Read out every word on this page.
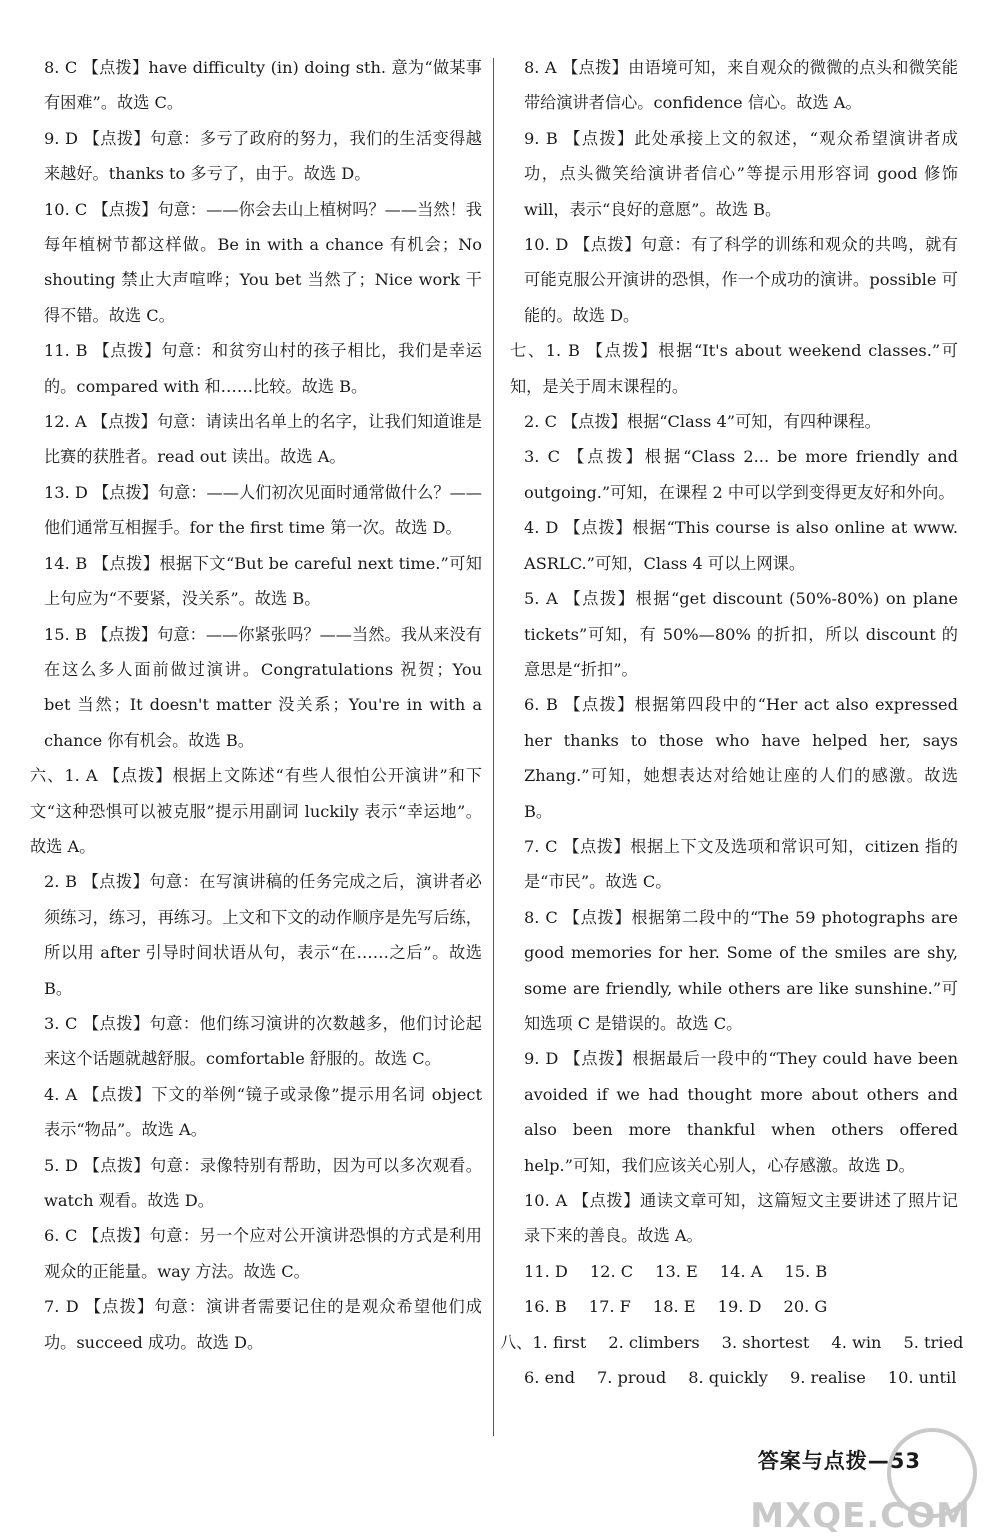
8. C 【点拨】have difficulty (in) doing sth. 意为“做某事有困难”。故选 C。

9. D 【点拨】句意：多亏了政府的努力，我们的生活变得越来越好。thanks to 多亏了，由于。故选 D。

10. C 【点拨】句意：——你会去山上植树吗？——当然！我每年植树节都这样做。Be in with a chance 有机会；No shouting 禁止大声喧哗；You bet 当然了；Nice work 干得不错。故选 C。

11. B 【点拨】句意：和贫穷山村的孩子相比，我们是幸运的。compared with 和……比较。故选 B。

12. A 【点拨】句意：请读出名单上的名字，让我们知道谁是比赛的获胜者。read out 读出。故选 A。

13. D 【点拨】句意：——人们初次见面时通常做什么？——他们通常互相握手。for the first time 第一次。故选 D。

14. B 【点拨】根据下文“But be careful next time.”可知上句应为“不要紧，没关系”。故选 B。

15. B 【点拨】句意：——你紧张吗？——当然。我从来没有在这么多人面前做过演讲。Congratulations 祝贺；You bet 当然；It doesn't matter 没关系；You're in with a chance 你有机会。故选 B。

六、1. A 【点拨】根据上文陈述“有些人很怕公开演讲”和下文“这种恐惧可以被克服”提示用副词 luckily 表示“幸运地”。故选 A。

2. B 【点拨】句意：在写演讲稿的任务完成之后，演讲者必须练习，练习，再练习。上文和下文的动作顺序是先写后练，所以用 after 引导时间状语从句，表示“在……之后”。故选 B。

3. C 【点拨】句意：他们练习演讲的次数越多，他们讨论起来这个话题就越舒服。comfortable 舒服的。故选 C。

4. A 【点拨】下文的举例“镜子或录像”提示用名词 object 表示“物品”。故选 A。

5. D 【点拨】句意：录像特别有帮助，因为可以多次观看。watch 观看。故选 D。

6. C 【点拨】句意：另一个应对公开演讲恐惧的方式是利用观众的正能量。way 方法。故选 C。

7. D 【点拨】句意：演讲者需要记住的是观众希望他们成功。succeed 成功。故选 D。

8. A 【点拨】由语境可知，来自观众的微微的点头和微笑能带给演讲者信心。confidence 信心。故选 A。

9. B 【点拨】此处承接上文的叙述，“观众希望演讲者成功，点头微笑给演讲者信心”等提示用形容词 good 修饰 will，表示“良好的意愿”。故选 B。

10. D 【点拨】句意：有了科学的训练和观众的共鸣，就有可能克服公开演讲的恐惧，作一个成功的演讲。possible 可能的。故选 D。

七、1. B 【点拨】根据“It's about weekend classes.”可知，是关于周末课程的。

2. C 【点拨】根据“Class 4”可知，有四种课程。

3. C 【点拨】根据“Class 2... be more friendly and outgoing.”可知，在课程 2 中可以学到变得更友好和外向。

4. D 【点拨】根据“This course is also online at www. ASRLC.”可知，Class 4 可以上网课。

5. A 【点拨】根据“get discount (50%-80%) on plane tickets”可知，有 50%—80% 的折扣，所以 discount 的意思是“折扣”。

6. B 【点拨】根据第四段中的“Her act also expressed her thanks to those who have helped her, says Zhang.”可知，她想表达对给她让座的人们的感激。故选 B。

7. C 【点拨】根据上下文及选项和常识可知，citizen 指的是“市民”。故选 C。

8. C 【点拨】根据第二段中的“The 59 photographs are good memories for her. Some of the smiles are shy, some are friendly, while others are like sunshine.”可知选项 C 是错误的。故选 C。

9. D 【点拨】根据最后一段中的“They could have been avoided if we had thought more about others and also been more thankful when others offered help.”可知，我们应该关心别人，心存感激。故选 D。

10. A 【点拨】通读文章可知，这篇短文主要讲述了照片记录下来的善良。故选 A。

11. D 12. C 13. E 14. A 15. B

16. B 17. F 18. E 19. D 20. G

八、1. first 2. climbers 3. shortest 4. win 5. tried

6. end 7. proud 8. quickly 9. realise 10. until

答案与点拨—53
MXQE.COM
